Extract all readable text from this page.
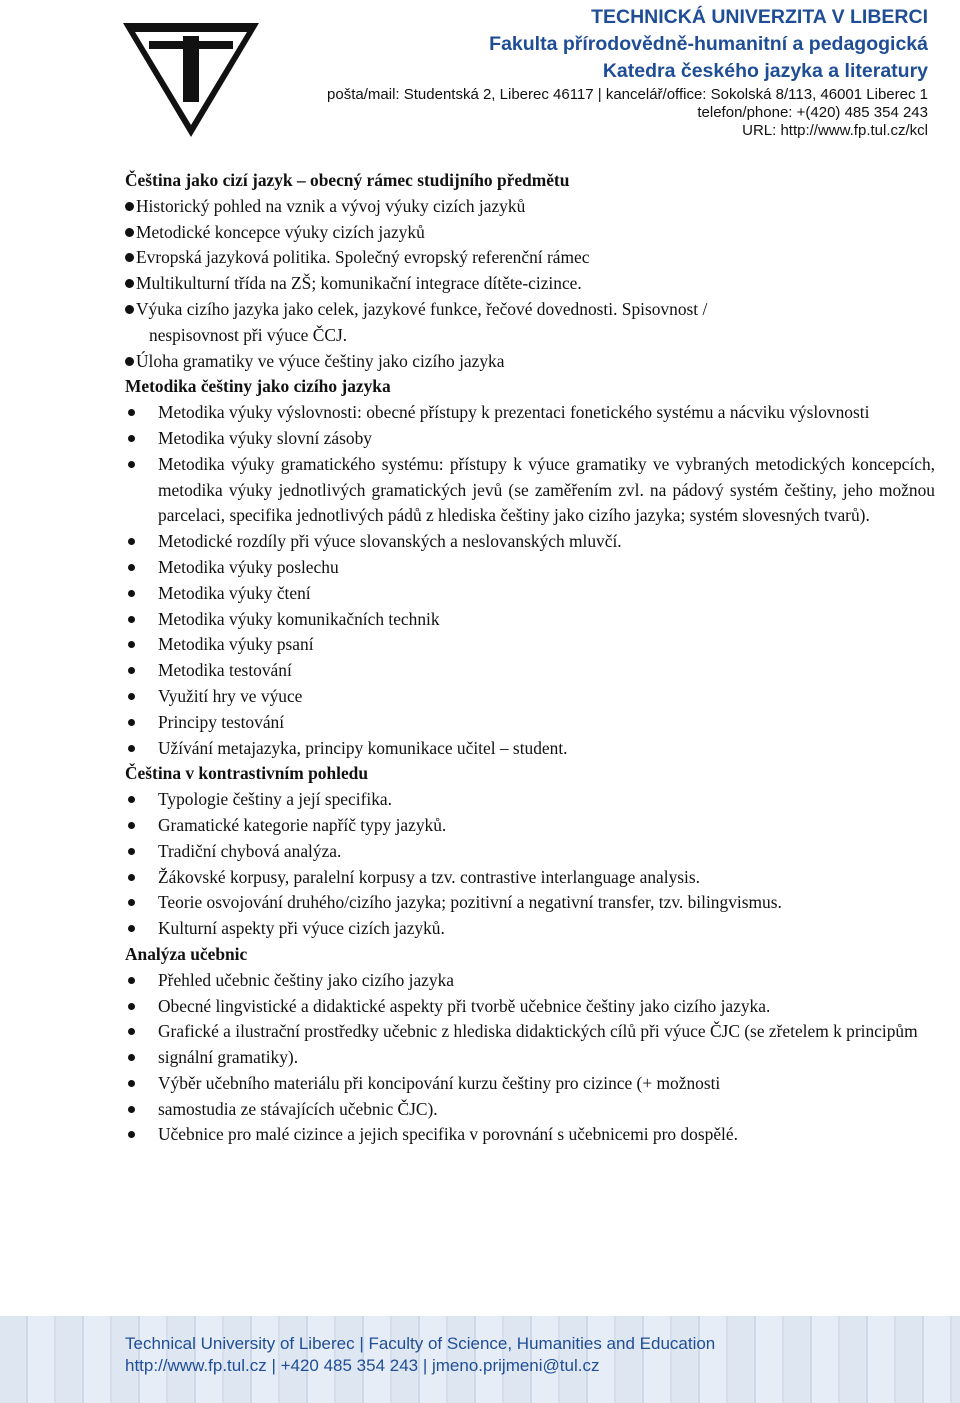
TECHNICKÁ UNIVERZITA V LIBERCI

Fakulta přírodovědně-humanitní a pedagogická

Katedra českého jazyka a literatury

pošta/mail: Studentská 2, Liberec 46117 | kancelář/office: Sokolská 8/113, 46001 Liberec 1

telefon/phone: +(420) 485 354 243

URL: http://www.fp.tul.cz/kcl

Čeština jako cizí jazyk – obecný rámec studijního předmětu

Historický pohled na vznik a vývoj výuky cizích jazyků

Metodické koncepce výuky cizích jazyků

Evropská jazyková politika. Společný evropský referenční rámec

Multikulturní třída na ZŠ; komunikační integrace dítěte-cizince.

Výuka cizího jazyka jako celek, jazykové funkce, řečové dovednosti. Spisovnost /

nespisovnost při výuce ČCJ.

Úloha gramatiky ve výuce češtiny jako cizího jazyka

Metodika češtiny jako cizího jazyka

Metodika výuky výslovnosti: obecné přístupy k prezentaci fonetického systému a nácviku výslovnosti

Metodika výuky slovní zásoby

Metodika výuky gramatického systému: přístupy k výuce gramatiky ve vybraných metodických koncepcích, metodika výuky jednotlivých gramatických jevů (se zaměřením zvl. na pádový systém češtiny, jeho možnou parcelaci, specifika jednotlivých pádů z hlediska češtiny jako cizího jazyka; systém slovesných tvarů).

Metodické rozdíly při výuce slovanských a neslovanských mluvčí.

Metodika výuky poslechu

Metodika výuky čtení

Metodika výuky komunikačních technik

Metodika výuky psaní

Metodika testování

Využití hry ve výuce

Principy testování

Užívání metajazyka, principy komunikace učitel – student.

Čeština v kontrastivním pohledu

Typologie češtiny a její specifika.

Gramatické kategorie napříč typy jazyků.

Tradiční chybová analýza.

Žákovské korpusy, paralelní korpusy a tzv. contrastive interlanguage analysis.

Teorie osvojování druhého/cizího jazyka; pozitivní a negativní transfer, tzv. bilingvismus.

Kulturní aspekty při výuce cizích jazyků.

Analýza učebnic

Přehled učebnic češtiny jako cizího jazyka

Obecné lingvistické a didaktické aspekty při tvorbě učebnice češtiny jako cizího jazyka.

Grafické a ilustrační prostředky učebnic z hlediska didaktických cílů při výuce ČJC (se zřetelem k principům

signální gramatiky).

Výběr učebního materiálu při koncipování kurzu češtiny pro cizince (+ možnosti

samostudia ze stávajících učebnic ČJC).

Učebnice pro malé cizince a jejich specifika v porovnání s učebnicemi pro dospělé.

Technical University of Liberec | Faculty of Science, Humanities and Education

http://www.fp.tul.cz | +420 485 354 243 | jmeno.prijmeni@tul.cz
